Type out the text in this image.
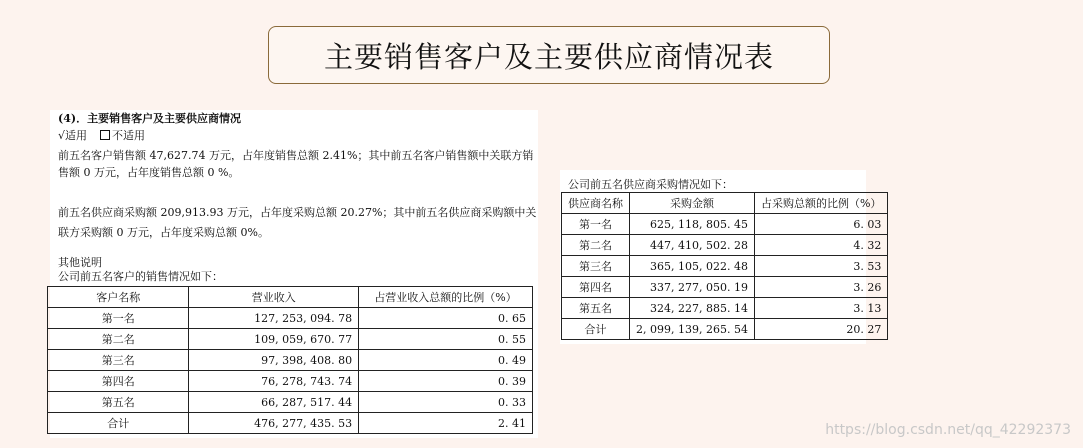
主要销售客户及主要供应商情况表
(4)．主要销售客户及主要供应商情况
√适用 不适用
前五名客户销售额 47,627.74 万元，占年度销售总额 2.41%；其中前五名客户销售额中关联方销
售额 0 万元，占年度销售总额 0 %。
前五名供应商采购额 209,913.93 万元，占年度采购总额 20.27%；其中前五名供应商采购额中关
联方采购额 0 万元，占年度采购总额 0%。
其他说明
公司前五名客户的销售情况如下：
客户名称	营业收入	占营业收入总额的比例（%）
第一名	127, 253, 094. 78	0. 65
第二名	109, 059, 670. 77	0. 55
第三名	97, 398, 408. 80	0. 49
第四名	76, 278, 743. 74	0. 39
第五名	66, 287, 517. 44	0. 33
合计	476, 277, 435. 53	2. 41
公司前五名供应商采购情况如下：
供应商名称	采购金额	占采购总额的比例（%）
第一名	625, 118, 805. 45	6. 03
第二名	447, 410, 502. 28	4. 32
第三名	365, 105, 022. 48	3. 53
第四名	337, 277, 050. 19	3. 26
第五名	324, 227, 885. 14	3. 13
合计	2, 099, 139, 265. 54	20. 27
https://blog.csdn.net/qq_42292373
